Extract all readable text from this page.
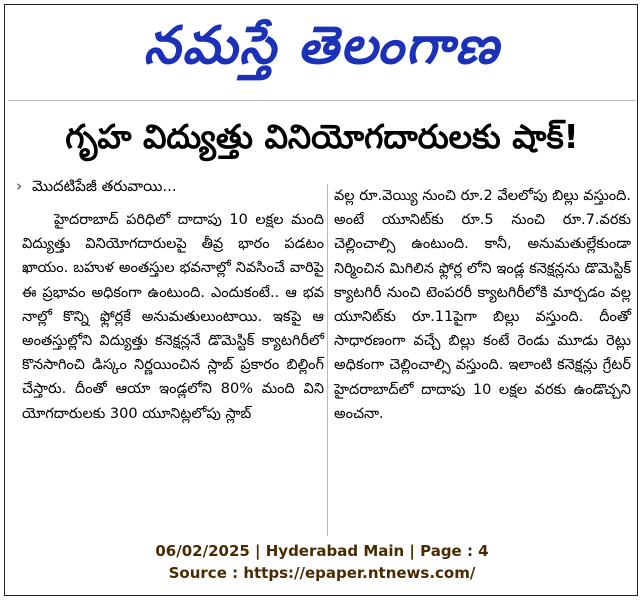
నమస్తే తెలంగాణ
గృహ విద్యుత్తు వినియోగదారులకు షాక్!
› మొదటిపేజీ తరువాయి...

హైదరాబాద్ పరిధిలో దాదాపు 10 లక్షల మంది విద్యుత్తు వినియోగదారులపై తీవ్ర భారం పడటం ఖాయం. బహుళ అంతస్తుల భవనాల్లో నివసించే వారిపై ఈ ప్రభావం అధికంగా ఉంటుంది. ఎందుకంటే.. ఆ భవ నాల్లో కొన్ని ఫ్లోర్లకే అనుమతులుంటాయి. ఇకపై ఆ అంతస్తుల్లోని విద్యుత్తు కనెక్షన్లనే డొమెస్టిక్ క్యాటగిరీలో కొనసాగించి డిస్కం నిర్ణయించిన స్లాబ్ ప్రకారం బిల్లింగ్ చేస్తారు. దీంతో ఆయా ఇండ్లలోని 80% మంది విని యోగదారులకు 300 యూనిట్లలోపు స్లాబ్

వల్ల రూ.వెయ్యి నుంచి రూ.2 వేలలోపు బిల్లు వస్తుంది. అంటే యూనిట్‌కు రూ.5 నుంచి రూ.7.వరకు చెల్లించాల్సి ఉంటుంది. కానీ, అనుమతుల్లేకుండా నిర్మించిన మిగిలిన ఫ్లోర్ల లోని ఇండ్ల కనెక్షన్లను డొమెస్టిక్ క్యాటగిరీ నుంచి టెంపరరీ క్యాటగిరీలోకి మార్చడం వల్ల యూనిట్‌కు రూ.11పైగా బిల్లు వస్తుంది. దీంతో సాధారణంగా వచ్చే బిల్లు కంటే రెండు మూడు రెట్లు అధికంగా చెల్లించాల్సి వస్తుంది. ఇలాంటి కనెక్షన్లు గ్రేటర్ హైదరాబాద్‌లో దాదాపు 10 లక్షల వరకు ఉండొచ్చని అంచనా.

06/02/2025 | Hyderabad Main | Page : 4
Source : https://epaper.ntnews.com/
